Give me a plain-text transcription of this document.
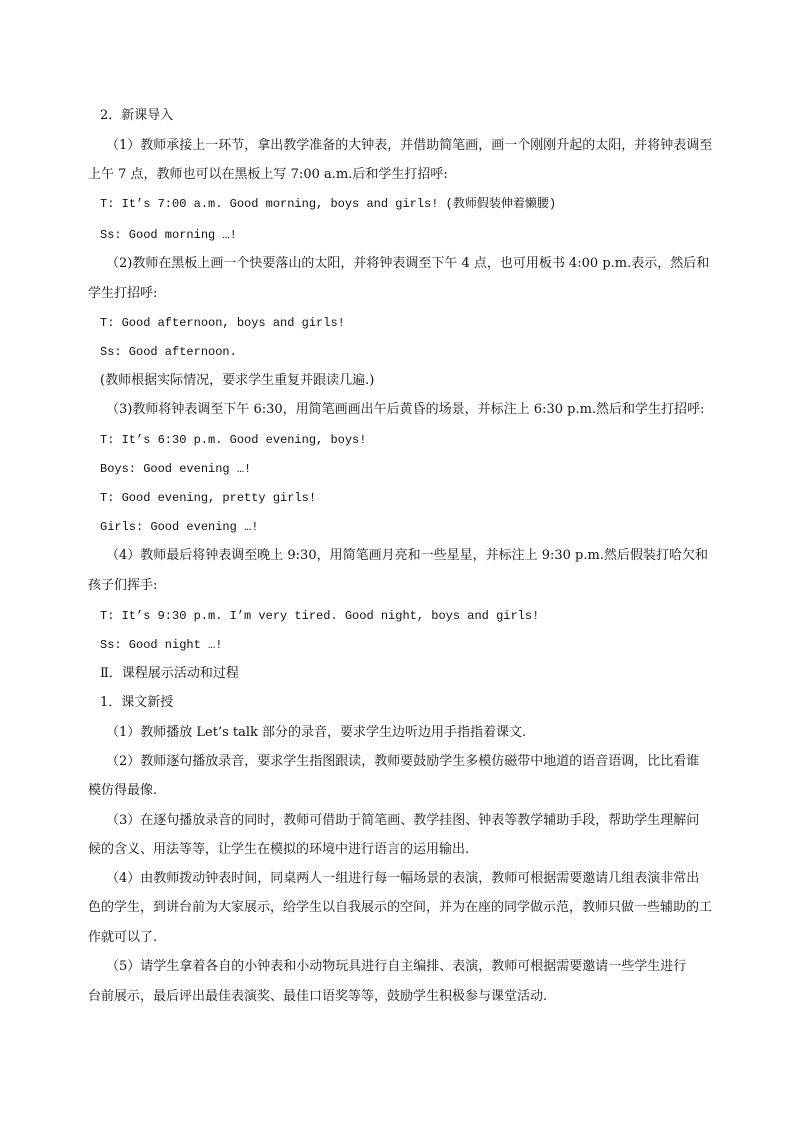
2．新课导入
（1）教师承接上一环节，拿出教学准备的大钟表，并借助简笔画，画一个刚刚升起的太阳，并将钟表调至
上午 7 点，教师也可以在黑板上写 7:00 a.m.后和学生打招呼:
T: It’s 7:00 a.m. Good morning, boys and girls! (教师假装伸着懒腰)
Ss: Good morning …!
（2)教师在黑板上画一个快要落山的太阳，并将钟表调至下午 4 点，也可用板书 4:00 p.m.表示，然后和
学生打招呼:
T: Good afternoon, boys and girls!
Ss: Good afternoon.
(教师根据实际情况，要求学生重复并跟读几遍.)
（3)教师将钟表调至下午 6:30，用简笔画画出午后黄昏的场景，并标注上 6:30 p.m.然后和学生打招呼:
T: It’s 6:30 p.m. Good evening, boys!
Boys: Good evening …!
T: Good evening, pretty girls!
Girls: Good evening …!
（4）教师最后将钟表调至晚上 9:30，用简笔画月亮和一些星星，并标注上 9:30 p.m.然后假装打哈欠和
孩子们挥手:
T: It’s 9:30 p.m. I’m very tired. Good night, boys and girls!
Ss: Good night …!
Ⅱ．课程展示活动和过程
1．课文新授
（1）教师播放 Let’s talk 部分的录音，要求学生边听边用手指指着课文.
（2）教师逐句播放录音，要求学生指图跟读，教师要鼓励学生多模仿磁带中地道的语音语调，比比看谁
模仿得最像.
（3）在逐句播放录音的同时，教师可借助于简笔画、教学挂图、钟表等教学辅助手段，帮助学生理解问
候的含义、用法等等，让学生在模拟的环境中进行语言的运用输出.
（4）由教师拨动钟表时间，同桌两人一组进行每一幅场景的表演，教师可根据需要邀请几组表演非常出
色的学生，到讲台前为大家展示，给学生以自我展示的空间，并为在座的同学做示范，教师只做一些辅助的工
作就可以了.
（5）请学生拿着各自的小钟表和小动物玩具进行自主编排、表演，教师可根据需要邀请一些学生进行
台前展示，最后评出最佳表演奖、最佳口语奖等等，鼓励学生积极参与课堂活动.
